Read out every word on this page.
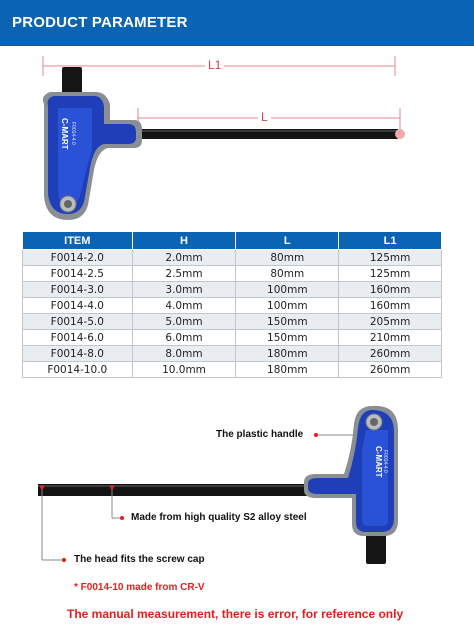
PRODUCT PARAMETER
C-MART F0014-4.0
L1
L
ITEM	H	L	L1
F0014-2.0	2.0mm	80mm	125mm
F0014-2.5	2.5mm	80mm	125mm
F0014-3.0	3.0mm	100mm	160mm
F0014-4.0	4.0mm	100mm	160mm
F0014-5.0	5.0mm	150mm	205mm
F0014-6.0	6.0mm	150mm	210mm
F0014-8.0	8.0mm	180mm	260mm
F0014-10.0	10.0mm	180mm	260mm
C-MART F0014-4.0
The plastic handle
Made from high quality S2 alloy steel
The head fits the screw cap
* F0014-10 made from CR-V
The manual measurement, there is error, for reference only
